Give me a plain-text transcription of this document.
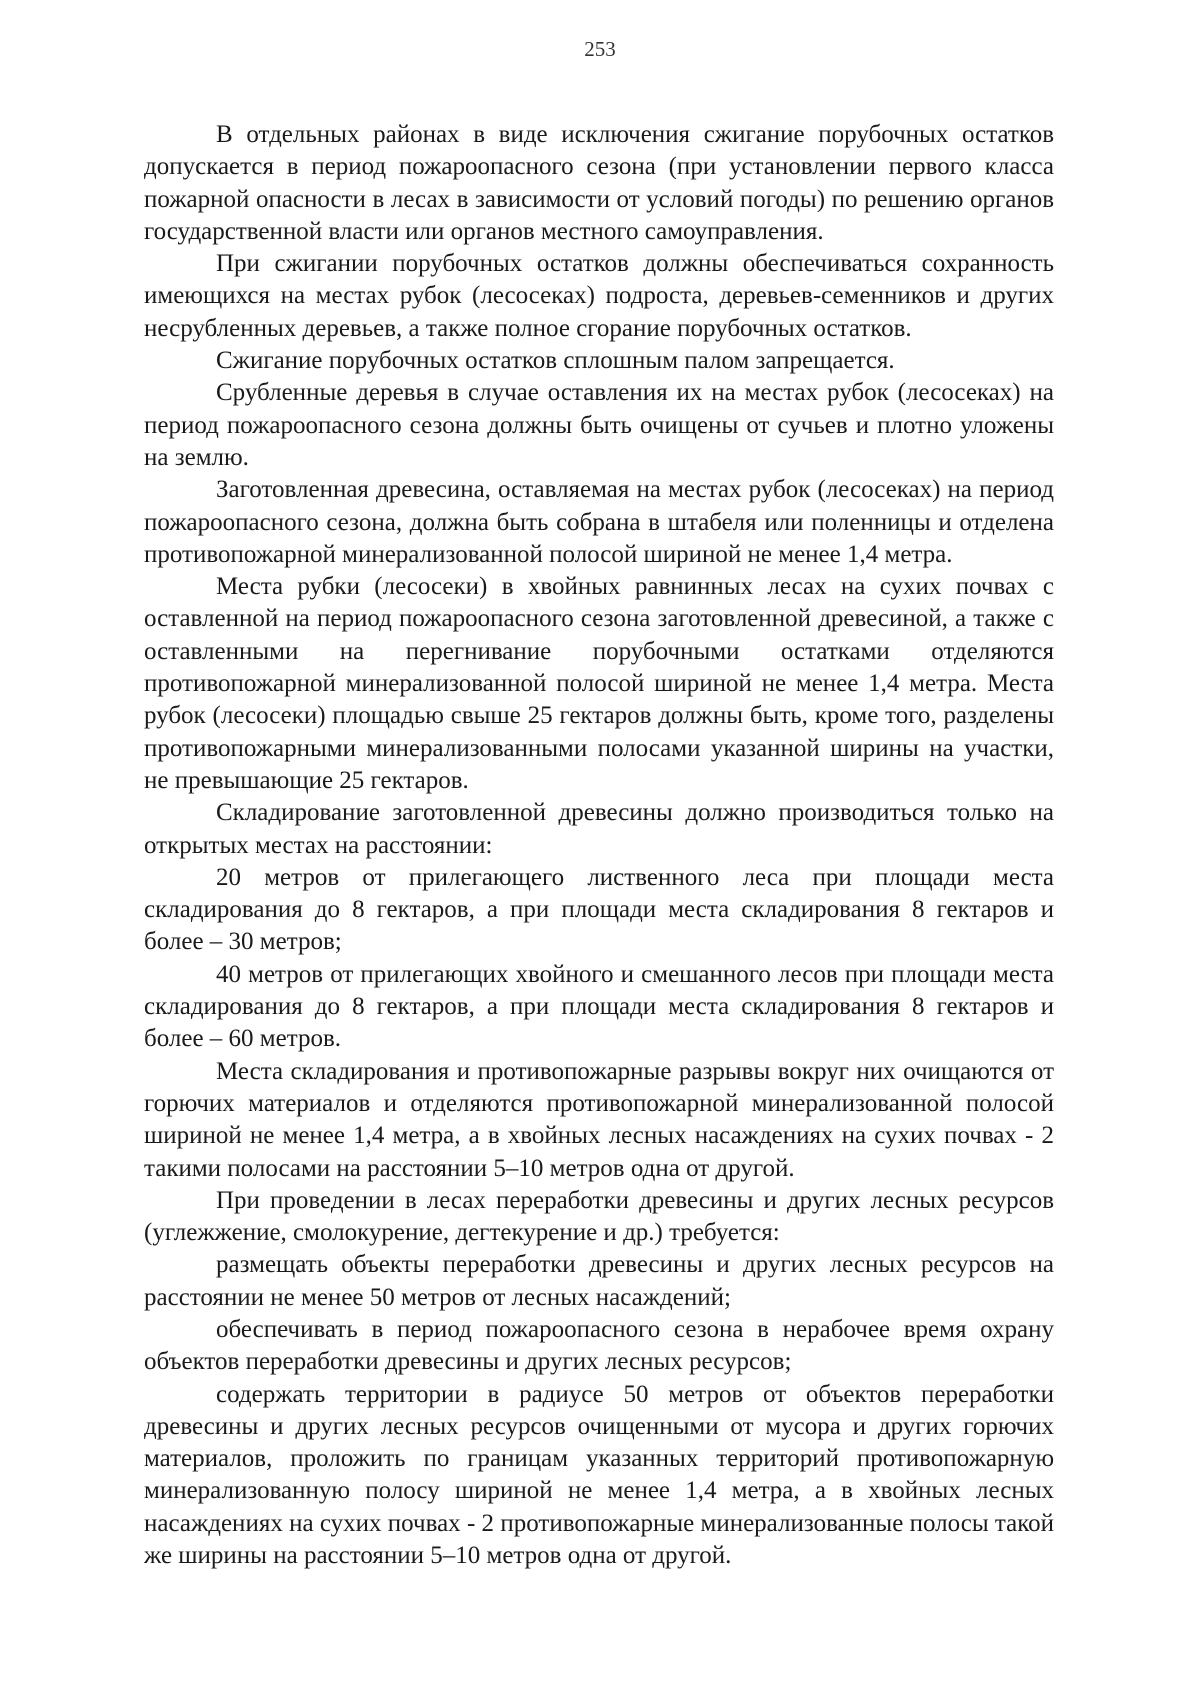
253

В отдельных районах в виде исключения сжигание порубочных остатков допускается в период пожароопасного сезона (при установлении первого класса пожарной опасности в лесах в зависимости от условий погоды) по решению органов государственной власти или органов местного самоуправления.

При сжигании порубочных остатков должны обеспечиваться сохранность имеющихся на местах рубок (лесосеках) подроста, деревьев-семенников и других несрубленных деревьев, а также полное сгорание порубочных остатков.

Сжигание порубочных остатков сплошным палом запрещается.

Срубленные деревья в случае оставления их на местах рубок (лесосеках) на период пожароопасного сезона должны быть очищены от сучьев и плотно уложены на землю.

Заготовленная древесина, оставляемая на местах рубок (лесосеках) на период пожароопасного сезона, должна быть собрана в штабеля или поленницы и отделена противопожарной минерализованной полосой шириной не менее 1,4 метра.

Места рубки (лесосеки) в хвойных равнинных лесах на сухих почвах с оставленной на период пожароопасного сезона заготовленной древесиной, а также с оставленными на перегнивание порубочными остатками отделяются противопожарной минерализованной полосой шириной не менее 1,4 метра. Места рубок (лесосеки) площадью свыше 25 гектаров должны быть, кроме того, разделены противопожарными минерализованными полосами указанной ширины на участки, не превышающие 25 гектаров.

Складирование заготовленной древесины должно производиться только на открытых местах на расстоянии:

20 метров от прилегающего лиственного леса при площади места складирования до 8 гектаров, а при площади места складирования 8 гектаров и более – 30 метров;

40 метров от прилегающих хвойного и смешанного лесов при площади места складирования до 8 гектаров, а при площади места складирования 8 гектаров и более – 60 метров.

Места складирования и противопожарные разрывы вокруг них очищаются от горючих материалов и отделяются противопожарной минерализованной полосой шириной не менее 1,4 метра, а в хвойных лесных насаждениях на сухих почвах - 2 такими полосами на расстоянии 5–10 метров одна от другой.

При проведении в лесах переработки древесины и других лесных ресурсов (углежжение, смолокурение, дегтекурение и др.) требуется:

размещать объекты переработки древесины и других лесных ресурсов на расстоянии не менее 50 метров от лесных насаждений;

обеспечивать в период пожароопасного сезона в нерабочее время охрану объектов переработки древесины и других лесных ресурсов;

содержать территории в радиусе 50 метров от объектов переработки древесины и других лесных ресурсов очищенными от мусора и других горючих материалов, проложить по границам указанных территорий противопожарную минерализованную полосу шириной не менее 1,4 метра, а в хвойных лесных насаждениях на сухих почвах - 2 противопожарные минерализованные полосы такой же ширины на расстоянии 5–10 метров одна от другой.
